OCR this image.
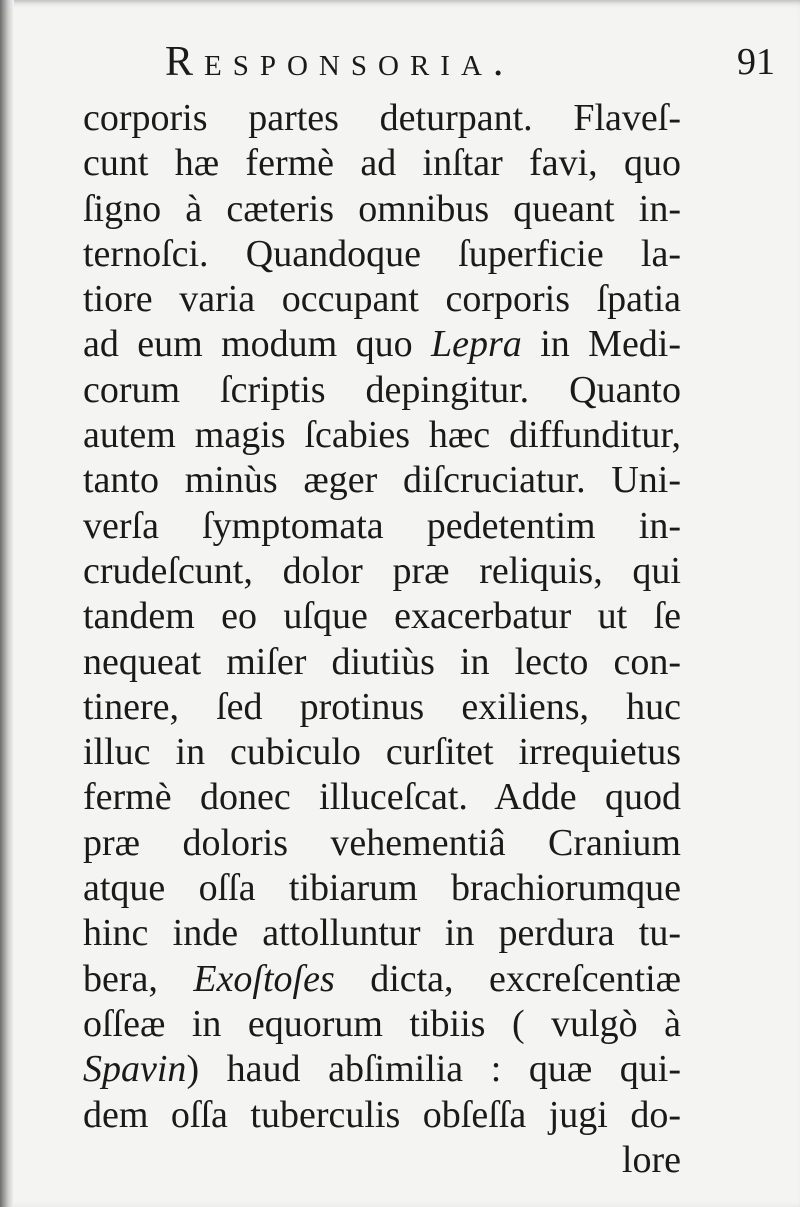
Responsoria.	91
corporis partes deturpant. Flaveſ-
cunt hæ fermè ad inſtar favi, quo
ſigno à cæteris omnibus queant in-
ternoſci. Quandoque ſuperficie la-
tiore varia occupant corporis ſpatia
ad eum modum quo Lepra in Medi-
corum ſcriptis depingitur. Quanto
autem magis ſcabies hæc diffunditur,
tanto minùs æger diſcruciatur. Uni-
verſa ſymptomata pedetentim in-
crudeſcunt, dolor præ reliquis, qui
tandem eo uſque exacerbatur ut ſe
nequeat miſer diutiùs in lecto con-
tinere, ſed protinus exiliens, huc
illuc in cubiculo curſitet irrequietus
fermè donec illuceſcat. Adde quod
præ doloris vehementiâ Cranium
atque oſſa tibiarum brachiorumque
hinc inde attolluntur in perdura tu-
bera, Exoſtoſes dicta, excreſcentiæ
oſſeæ in equorum tibiis ( vulgò à
Spavin) haud abſimilia : quæ qui-
dem oſſa tuberculis obſeſſa jugi do-
lore
